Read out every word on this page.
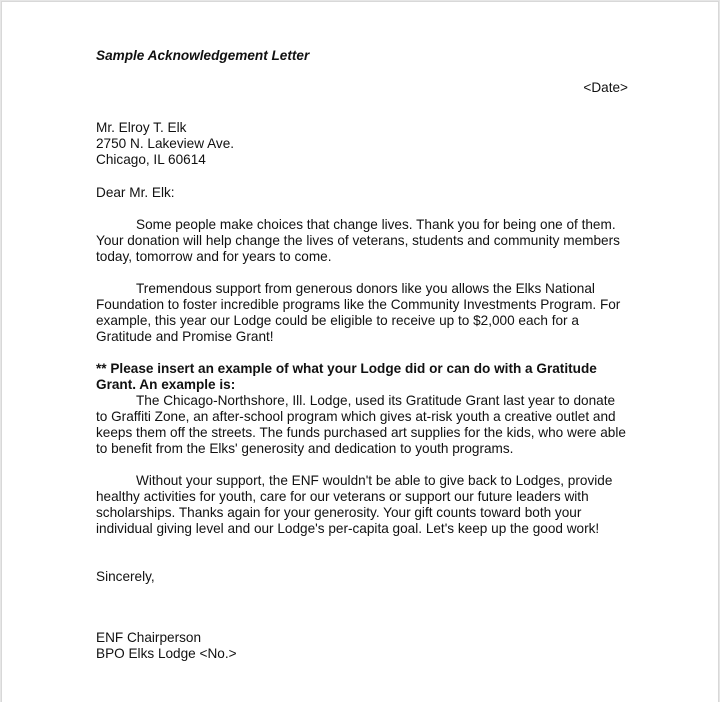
Sample Acknowledgement Letter

<Date>
Mr. Elroy T. Elk
2750 N. Lakeview Ave.
Chicago, IL 60614
Dear Mr. Elk:
Some people make choices that change lives. Thank you for being one of them. Your donation will help change the lives of veterans, students and community members today, tomorrow and for years to come.
Tremendous support from generous donors like you allows the Elks National Foundation to foster incredible programs like the Community Investments Program. For example, this year our Lodge could be eligible to receive up to $2,000 each for a Gratitude and Promise Grant!
** Please insert an example of what your Lodge did or can do with a Gratitude Grant. An example is:
The Chicago-Northshore, Ill. Lodge, used its Gratitude Grant last year to donate to Graffiti Zone, an after-school program which gives at-risk youth a creative outlet and keeps them off the streets. The funds purchased art supplies for the kids, who were able to benefit from the Elks' generosity and dedication to youth programs.
Without your support, the ENF wouldn't be able to give back to Lodges, provide healthy activities for youth, care for our veterans or support our future leaders with scholarships. Thanks again for your generosity. Your gift counts toward both your individual giving level and our Lodge's per-capita goal. Let's keep up the good work!
Sincerely,
ENF Chairperson
BPO Elks Lodge <No.>
